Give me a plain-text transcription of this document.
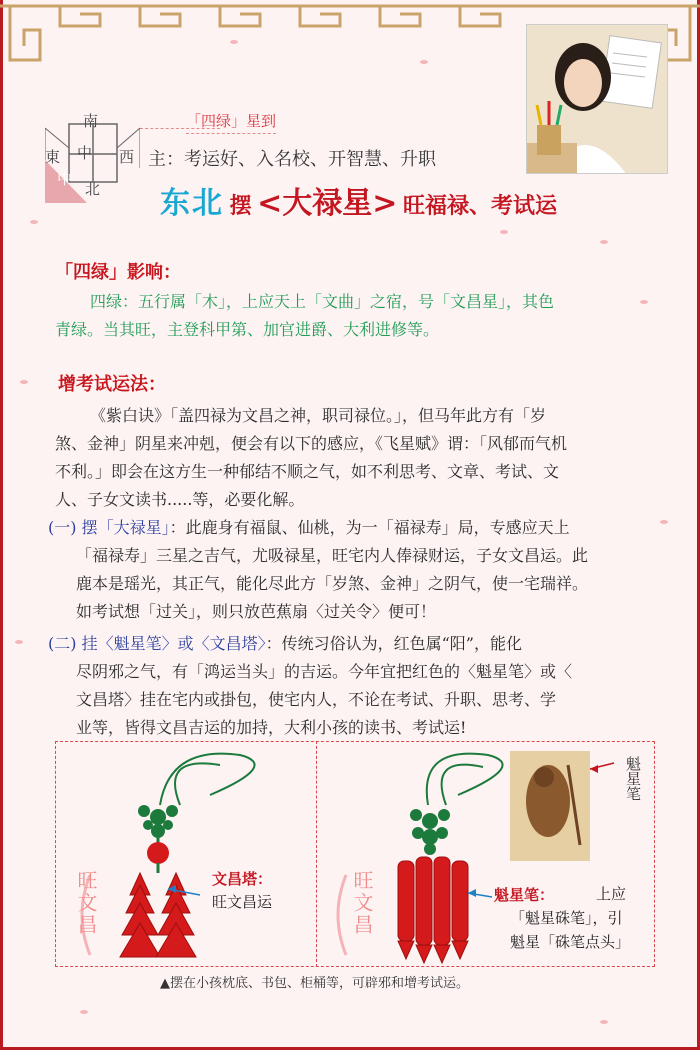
南
東 中 西
中
北
「四绿」星到
主：考运好、入名校、开智慧、升职
东北 摆 <大禄星> 旺福禄、考试运
「四绿」影响：
四绿：五行属「木」，上应天上「文曲」之宿，号「文昌星」，其色
青绿。当其旺，主登科甲第、加官进爵、大利进修等。
增考试运法：
《紫白诀》「盖四禄为文昌之神，职司禄位。」，但马年此方有「岁
煞、金神」阴星来冲剋，便会有以下的感应，《飞星赋》谓：「风郁而气机
不利。」即会在这方生一种郁结不顺之气，如不利思考、文章、考试、文
人、子女文读书.....等，必要化解。
(一) 摆「大禄星」：此鹿身有福鼠、仙桃，为一「福禄寿」局，专感应天上
「福禄寿」三星之吉气，尤吸禄星，旺宅内人俸禄财运，子女文昌运。此
鹿本是瑶光，其正气，能化尽此方「岁煞、金神」之阴气，使一宅瑞祥。
如考试想「过关」，则只放芭蕉扇〈过关令〉便可！
(二) 挂〈魁星笔〉或〈文昌塔〉：传统习俗认为，红色属“阳”，能化
尽阴邪之气，有「鸿运当头」的吉运。今年宜把红色的〈魁星笔〉或〈
文昌塔〉挂在宅内或掛包，使宅内人，不论在考试、升职、思考、学
业等，皆得文昌吉运的加持，大利小孩的读书、考试运!
旺文昌	文昌塔：
旺文昌运	旺文昌
魁星笔
魁星笔：	上应
「魁星硃笔」，引
魁星「硃笔点头」
▲摆在小孩枕底、书包、柜桶等，可辟邪和增考试运。
